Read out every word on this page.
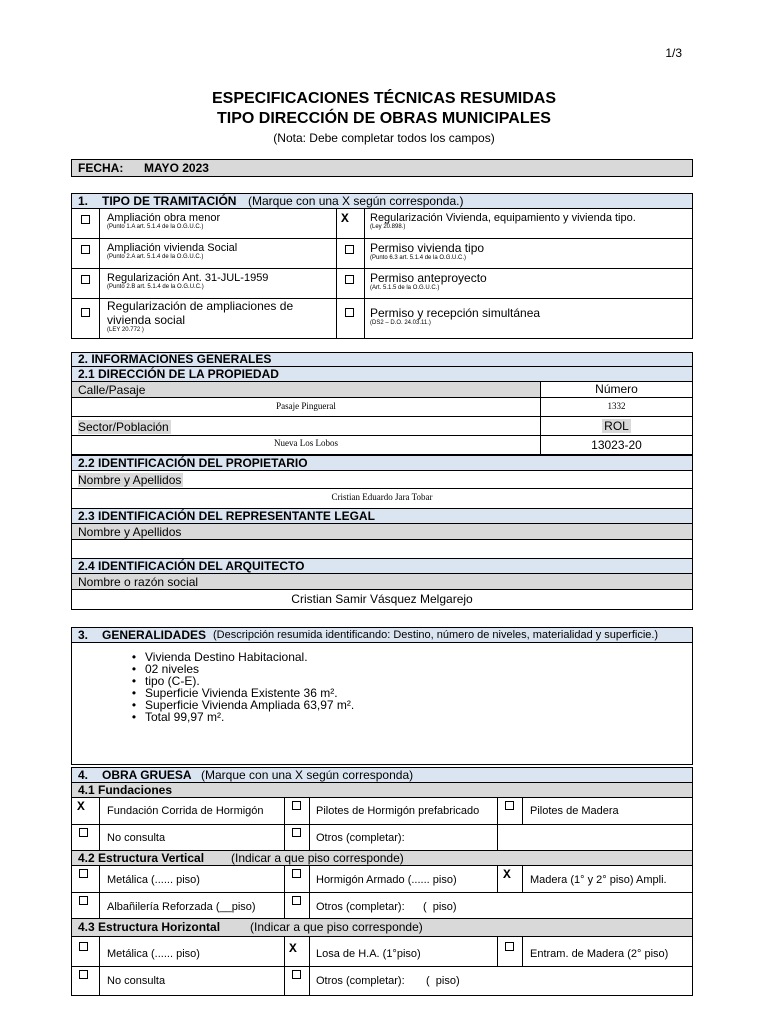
1/3
ESPECIFICACIONES TÉCNICAS RESUMIDAS
TIPO DIRECCIÓN DE OBRAS MUNICIPALES
(Nota: Debe completar todos los campos)
FECHA: MAYO 2023
1. TIPO DE TRAMITACIÓN (Marque con una X según corresponda.)
Ampliación obra menor
(Punto 1.A art. 5.1.4 de la O.G.U.C.)
X Regularización Vivienda, equipamiento y vivienda tipo.
(Ley 20.898.)
Ampliación vivienda Social
(Punto 2.A art. 5.1.4 de la O.G.U.C.)
Permiso vivienda tipo
(Punto 6.3 art. 5.1.4 de la O.G.U.C.)
Regularización Ant. 31-JUL-1959
(Punto 2.B art. 5.1.4 de la O.G.U.C.)
Permiso anteproyecto
(Art. 5.1.5 de la O.G.U.C.)
Regularización de ampliaciones de vivienda social
(LEY 20.772 )
Permiso y recepción simultánea
(DS2 – D.O. 24.03.11.)
2. INFORMACIONES GENERALES
2.1 DIRECCIÓN DE LA PROPIEDAD
Calle/Pasaje	Número
Pasaje Pingueral	1332
Sector/Población	ROL
Nueva Los Lobos	13023-20
2.2 IDENTIFICACIÓN DEL PROPIETARIO
Nombre y Apellidos
Cristian Eduardo Jara Tobar
2.3 IDENTIFICACIÓN DEL REPRESENTANTE LEGAL
Nombre y Apellidos
2.4 IDENTIFICACIÓN DEL ARQUITECTO
Nombre o razón social
Cristian Samir Vásquez Melgarejo
3. GENERALIDADES (Descripción resumida identificando: Destino, número de niveles, materialidad y superficie.)
• Vivienda Destino Habitacional.
• 02 niveles
• tipo (C-E).
• Superficie Vivienda Existente 36 m².
• Superficie Vivienda Ampliada 63,97 m².
• Total 99,97 m².
4. OBRA GRUESA (Marque con una X según corresponda)
4.1 Fundaciones
X Fundación Corrida de Hormigón	Pilotes de Hormigón prefabricado	Pilotes de Madera
No consulta	Otros (completar):
4.2 Estructura Vertical (Indicar a que piso corresponde)
Metálica (...... piso)	Hormigón Armado (...... piso)	X Madera (1° y 2° piso) Ampli.
Albañilería Reforzada (__piso)	Otros (completar):      (  piso)
4.3 Estructura Horizontal (Indicar a que piso corresponde)
Metálica (...... piso)	X Losa de H.A. (1°piso)	Entram. de Madera (2° piso)
No consulta	Otros (completar):       (  piso)
